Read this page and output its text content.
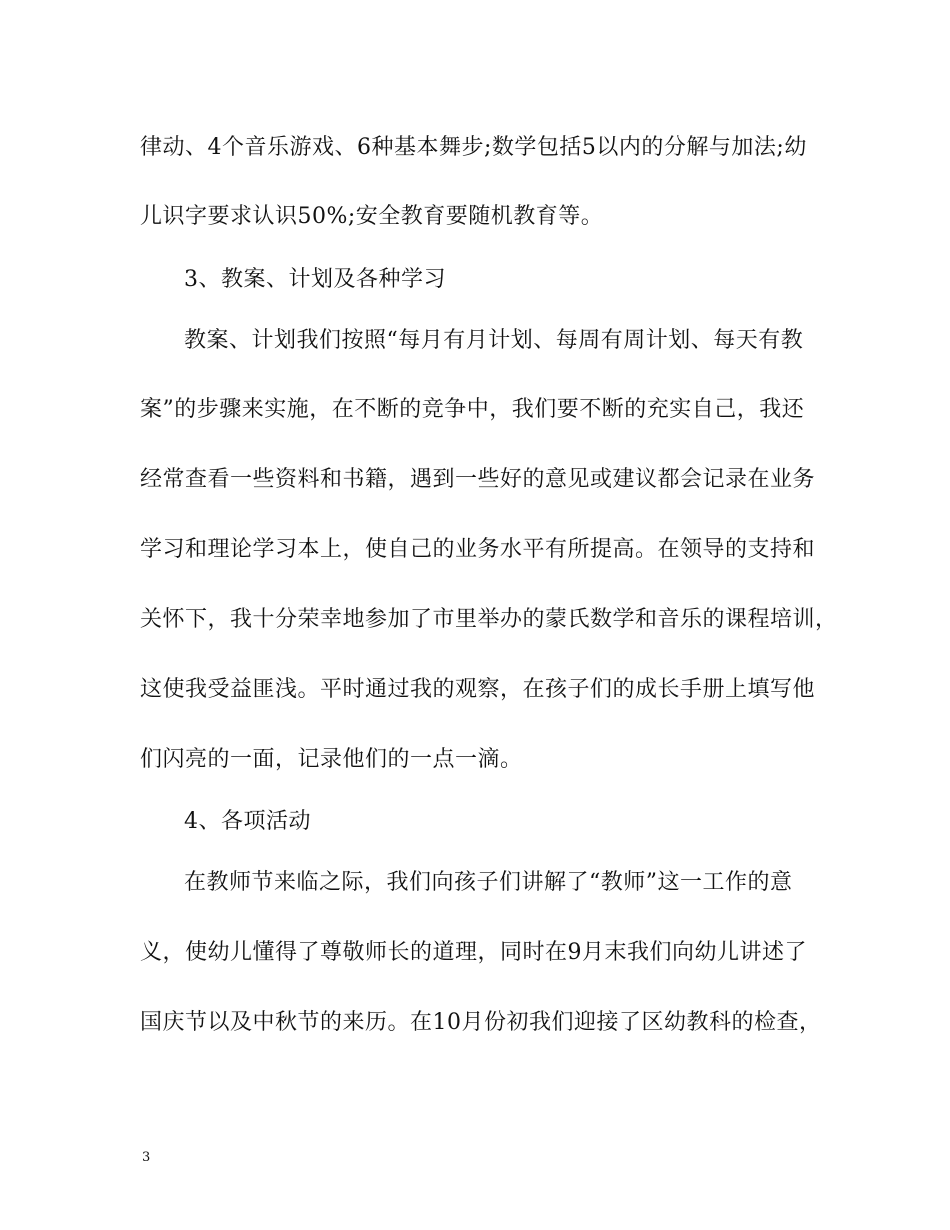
律动、4个音乐游戏、6种基本舞步;数学包括5以内的分解与加法;幼
儿识字要求认识50%;安全教育要随机教育等。
3、教案、计划及各种学习
教案、计划我们按照“每月有月计划、每周有周计划、每天有教
案”的步骤来实施，在不断的竞争中，我们要不断的充实自己，我还
经常查看一些资料和书籍，遇到一些好的意见或建议都会记录在业务
学习和理论学习本上，使自己的业务水平有所提高。在领导的支持和
关怀下，我十分荣幸地参加了市里举办的蒙氏数学和音乐的课程培训，
这使我受益匪浅。平时通过我的观察，在孩子们的成长手册上填写他
们闪亮的一面，记录他们的一点一滴。
4、各项活动
在教师节来临之际，我们向孩子们讲解了“教师”这一工作的意
义，使幼儿懂得了尊敬师长的道理，同时在9月末我们向幼儿讲述了
国庆节以及中秋节的来历。在10月份初我们迎接了区幼教科的检查，
3
